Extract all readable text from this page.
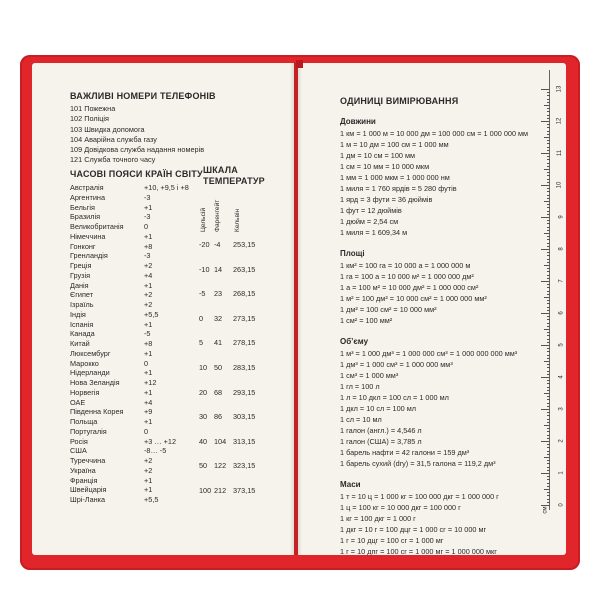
ВАЖЛИВІ НОМЕРИ ТЕЛЕФОНІВ
101 Пожежна
102 Поліція
103 Швидка допомога
104 Аварійна служба газу
109 Довідкова служба надання номерів
121 Служба точного часу
ЧАСОВІ ПОЯСИ КРАЇН СВІТУ
Австралія	+10, +9,5 і +8
Аргентина	-3
Бельгія	+1
Бразилія	-3
Великобританія	0
Німеччина	+1
Гонконг	+8
Гренландія	-3
Греція	+2
Грузія	+4
Данія	+1
Єгипет	+2
Ізраїль	+2
Індія	+5,5
Іспанія	+1
Канада	-5
Китай	+8
Люксембург	+1
Марокко	0
Нідерланди	+1
Нова Зеландія	+12
Норвегія	+1
ОАЕ	+4
Південна Корея	+9
Польща	+1
Португалія	0
Росія	+3 … +12
США	-8… -5
Туреччина	+2
Україна	+2
Франція	+1
Швейцарія	+1
Шрі-Ланка	+5,5
ШКАЛА
ТЕМПЕРАТУР
Цельсій Фаренгейт Кельвін
-20 -4 253,15
-10 14 263,15
-5 23 268,15
0 32 273,15
5 41 278,15
10 50 283,15
20 68 293,15
30 86 303,15
40 104 313,15
50 122 323,15
100 212 373,15
ОДИНИЦІ ВИМІРЮВАННЯ
Довжини
1 км = 1 000 м = 10 000 дм = 100 000 см = 1 000 000 мм
1 м = 10 дм = 100 см = 1 000 мм
1 дм = 10 см = 100 мм
1 см = 10 мм = 10 000 мкм
1 мм = 1 000 мкм = 1 000 000 нм
1 миля = 1 760 ярдів = 5 280 футів
1 ярд = 3 фути = 36 дюймів
1 фут = 12 дюймів
1 дюйм = 2,54 см
1 миля = 1 609,34 м
Площі
1 км² = 100 га = 10 000 а = 1 000 000 м
1 га = 100 а = 10 000 м² = 1 000 000 дм²
1 а = 100 м² = 10 000 дм² = 1 000 000 см²
1 м² = 100 дм² = 10 000 см² = 1 000 000 мм²
1 дм² = 100 см² = 10 000 мм²
1 см² = 100 мм²
Об’єму
1 м³ = 1 000 дм³ = 1 000 000 см³ = 1 000 000 000 мм³
1 дм³ = 1 000 см³ = 1 000 000 мм³
1 см³ = 1 000 мм³
1 гл = 100 л
1 л = 10 дкл = 100 сл = 1 000 мл
1 дкл = 10 сл = 100 мл
1 сл = 10 мл
1 галон (англ.) = 4,546 л
1 галон (США) = 3,785 л
1 барель нафти = 42 галони = 159 дм³
1 барель сухий (dry) = 31,5 галона = 119,2 дм³
Маси
1 т = 10 ц = 1 000 кг = 100 000 дкг = 1 000 000 г
1 ц = 100 кг = 10 000 дкг = 100 000 г
1 кг = 100 дкг = 1 000 г
1 дкг = 10 г = 100 дцг = 1 000 сг = 10 000 мг
1 г = 10 дцг = 100 сг = 1 000 мг
1 г = 10 дпг = 100 сг = 1 000 мг = 1 000 000 мкг
13
12
11
10
9
8
7
6
5
4
3
2
1
0
см
